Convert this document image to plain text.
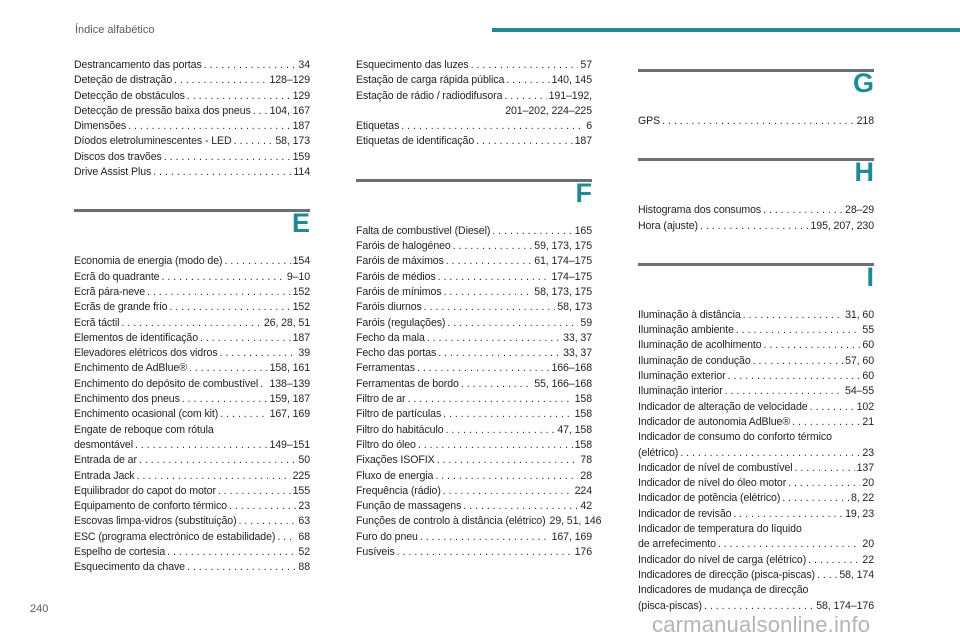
Índice alfabético
Destrancamento das portas . . .	34
Deteção de distração . . .	128–129
Detecção de obstáculos . . .	129
Detecção de pressão baixa dos pneus . . . 104, 167
Dimensões . . .	187
Díodos eletroluminescentes - LED . . .	58, 173
Discos dos travões . . .	159
Drive Assist Plus . . .	114
E
Economia de energia (modo de) . . .	154
Ecrã do quadrante . . .	9–10
Ecrã pára-neve . . .	152
Ecrãs de grande frio . . .	152
Ecrã táctil . . .	26, 28, 51
Elementos de identificação . . .	187
Elevadores elétricos dos vidros . . .	39
Enchimento de AdBlue® . . .	158, 161
Enchimento do depósito de combustível . . . 138–139
Enchimento dos pneus . . .	159, 187
Enchimento ocasional (com kit) . . .	167, 169
Engate de reboque com rótula
desmontável . . .	149–151
Entrada de ar . . .	50
Entrada Jack . . .	225
Equilibrador do capot do motor . . .	155
Equipamento de conforto térmico . . .	23
Escovas limpa-vidros (substituição) . . .	63
ESC (programa electrónico de estabilidade) . . . 68
Espelho de cortesia . . .	52
Esquecimento da chave . . .	88
Esquecimento das luzes . . .	57
Estação de carga rápida pública . . .	140, 145
Estação de rádio / radiodifusora . . .	191–192,
201–202, 224–225
Etiquetas . . .	6
Etiquetas de identificação . . .	187
F
Falta de combustível (Diesel) . . .	165
Faróis de halogéneo . . .	59, 173, 175
Faróis de máximos . . .	61, 174–175
Faróis de médios . . .	174–175
Faróis de mínimos . . .	58, 173, 175
Faróis diurnos . . .	58, 173
Faróis (regulações) . . .	59
Fecho da mala . . .	33, 37
Fecho das portas . . .	33, 37
Ferramentas . . .	166–168
Ferramentas de bordo . . .	55, 166–168
Filtro de ar . . .	158
Filtro de partículas . . .	158
Filtro do habitáculo . . .	47, 158
Filtro do óleo . . .	158
Fixações ISOFIX . . .	78
Fluxo de energia . . .	28
Frequência (rádio) . . .	224
Função de massagens . . .	42
Funções de controlo à distância (elétrico) 29, 51, 146
Furo do pneu . . .	167, 169
Fusíveis . . .	176
G
GPS . . .	218
H
Histograma dos consumos . . .	28–29
Hora (ajuste) . . .	195, 207, 230
I
Iluminação à distância . . .	31, 60
Iluminação ambiente . . .	55
Iluminação de acolhimento . . .	60
Iluminação de condução . . .	57, 60
Iluminação exterior . . .	60
Iluminação interior . . .	54–55
Indicador de alteração de velocidade . . .	102
Indicador de autonomia AdBlue® . . .	21
Indicador de consumo do conforto térmico
(elétrico) . . .	23
Indicador de nível de combustível . . .	137
Indicador de nível do óleo motor . . .	20
Indicador de potência (elétrico) . . .	8, 22
Indicador de revisão . . .	19, 23
Indicador de temperatura do líquido
de arrefecimento . . .	20
Indicador do nível de carga (elétrico) . . .	22
Indicadores de direcção (pisca-piscas) . . . 58, 174
Indicadores de mudança de direcção
(pisca-piscas) . . .	58, 174–176
240
carmanualsonline.info
